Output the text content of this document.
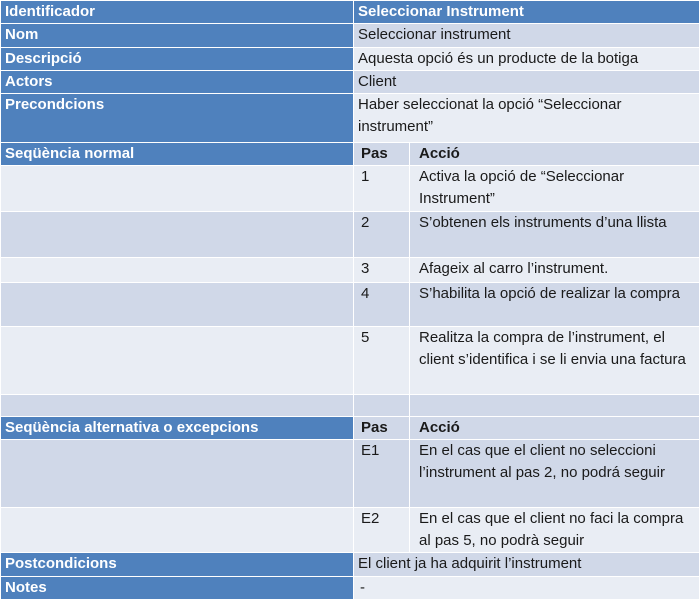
Identificador	Seleccionar Instrument	
Nom	Seleccionar instrument	
Descripció	Aquesta opció és un producte de la botiga	
Actors	Client	
Precondcions	Haber seleccionat la opció “Seleccionar instrument”	
Seqüència normal	Pas	Acció
	1	Activa la opció de “Seleccionar Instrument”
	2	S’obtenen els instruments d’una llista
	3	Afageix al carro l’instrument.
	4	S’habilita la opció de realizar la compra
	5	Realitza la compra de l’instrument, el client s’identifica i se li envia una factura

Seqüència alternativa o excepcions	Pas	Acció
	E1	En el cas que el client no seleccioni l’instrument al pas 2, no podrá seguir
	E2	En el cas que el client no faci la compra al pas 5, no podrà seguir
Postcondicions	El client ja ha adquirit l’instrument	
Notes	-	
